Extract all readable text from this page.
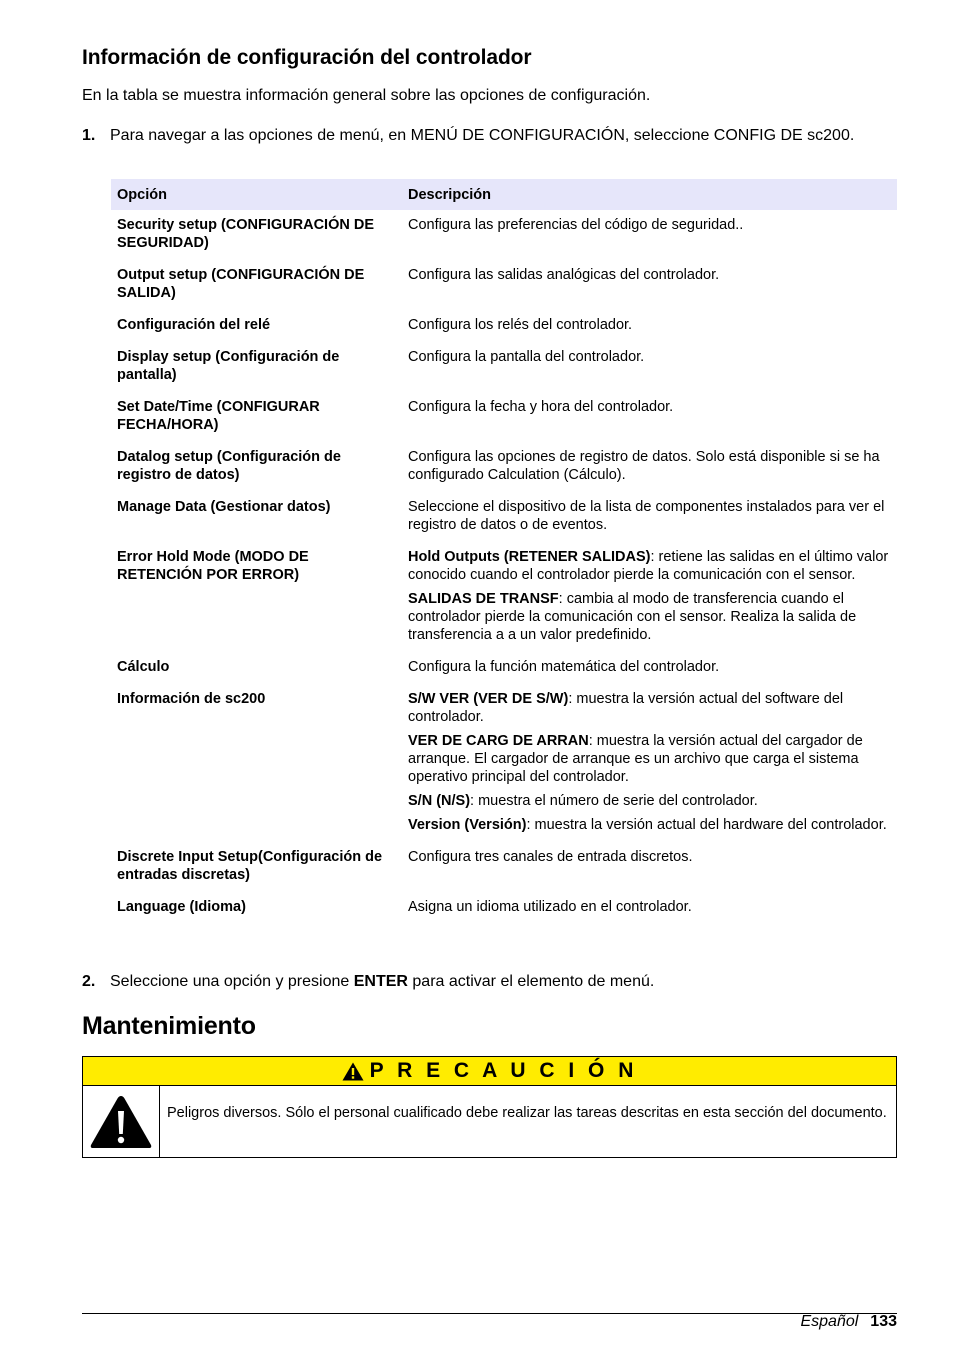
Información de configuración del controlador

En la tabla se muestra información general sobre las opciones de configuración.

1. Para navegar a las opciones de menú, en MENÚ DE CONFIGURACIÓN, seleccione CONFIG DE sc200.
Opción	Descripción
Security setup (CONFIGURACIÓN DE SEGURIDAD)	Configura las preferencias del código de seguridad..

Output setup (CONFIGURACIÓN DE SALIDA)	Configura las salidas analógicas del controlador.

Configuración del relé	Configura los relés del controlador.

Display setup (Configuración de pantalla)	Configura la pantalla del controlador.

Set Date/Time (CONFIGURAR FECHA/HORA)	Configura la fecha y hora del controlador.

Datalog setup (Configuración de registro de datos)	Configura las opciones de registro de datos. Solo está disponible si se ha configurado Calculation (Cálculo).

Manage Data (Gestionar datos)	Seleccione el dispositivo de la lista de componentes instalados para ver el registro de datos o de eventos.

Error Hold Mode (MODO DE RETENCIÓN POR ERROR)	Hold Outputs (RETENER SALIDAS): retiene las salidas en el último valor conocido cuando el controlador pierde la comunicación con el sensor.

SALIDAS DE TRANSF: cambia al modo de transferencia cuando el controlador pierde la comunicación con el sensor. Realiza la salida de transferencia a a un valor predefinido.

Cálculo	Configura la función matemática del controlador.

Información de sc200	S/W VER (VER DE S/W): muestra la versión actual del software del controlador.

VER DE CARG DE ARRAN: muestra la versión actual del cargador de arranque. El cargador de arranque es un archivo que carga el sistema operativo principal del controlador.

S/N (N/S): muestra el número de serie del controlador.

Version (Versión): muestra la versión actual del hardware del controlador.

Discrete Input Setup(Configuración de entradas discretas)	Configura tres canales de entrada discretos.

Language (Idioma)	Asigna un idioma utilizado en el controlador.

2. Seleccione una opción y presione ENTER para activar el elemento de menú.
Mantenimiento
P R E C A U C I Ó N
Peligros diversos. Sólo el personal cualificado debe realizar las tareas descritas en esta sección del documento.
Español 133
